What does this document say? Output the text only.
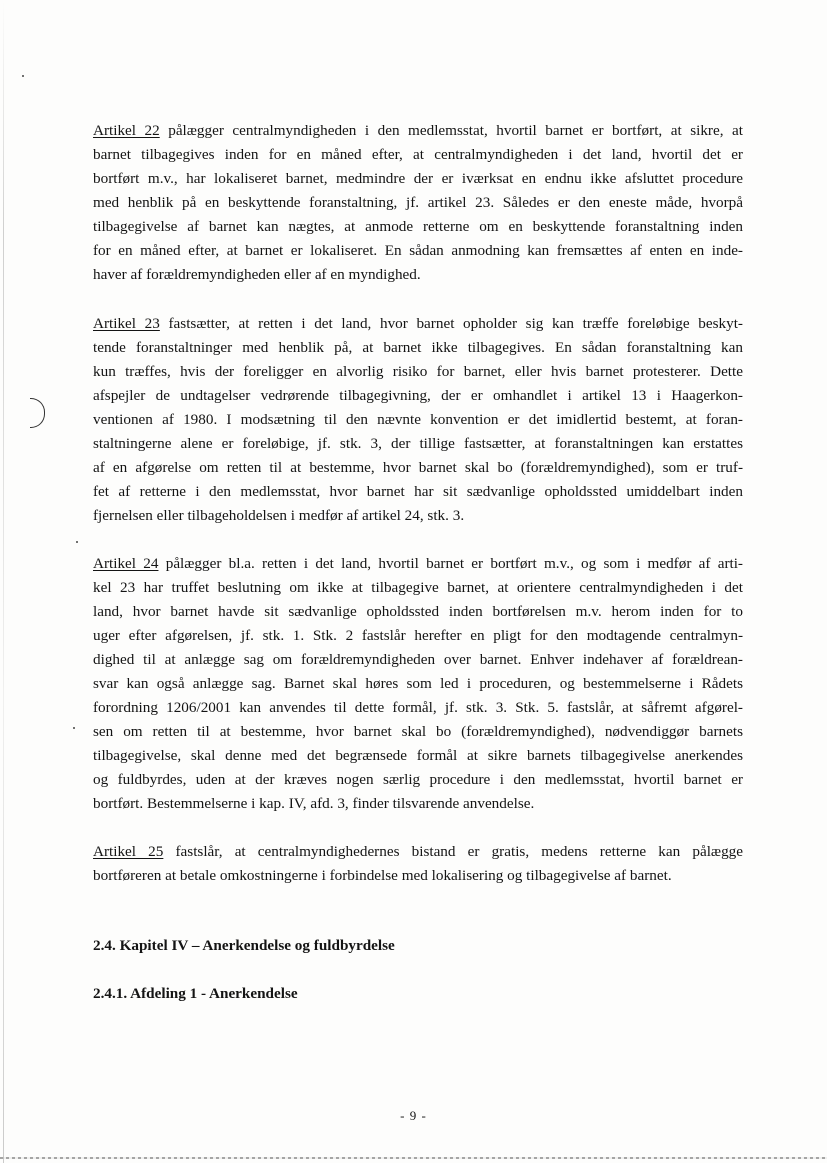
Artikel 22 pålægger centralmyndigheden i den medlemsstat, hvortil barnet er bortført, at sikre, at
barnet tilbagegives inden for en måned efter, at centralmyndigheden i det land, hvortil det er
bortført m.v., har lokaliseret barnet, medmindre der er iværksat en endnu ikke afsluttet procedure
med henblik på en beskyttende foranstaltning, jf. artikel 23. Således er den eneste måde, hvorpå
tilbagegivelse af barnet kan nægtes, at anmode retterne om en beskyttende foranstaltning inden
for en måned efter, at barnet er lokaliseret. En sådan anmodning kan fremsættes af enten en inde-
haver af forældremyndigheden eller af en myndighed.
Artikel 23 fastsætter, at retten i det land, hvor barnet opholder sig kan træffe foreløbige beskyt-
tende foranstaltninger med henblik på, at barnet ikke tilbagegives. En sådan foranstaltning kan
kun træffes, hvis der foreligger en alvorlig risiko for barnet, eller hvis barnet protesterer. Dette
afspejler de undtagelser vedrørende tilbagegivning, der er omhandlet i artikel 13 i Haagerkon-
ventionen af 1980. I modsætning til den nævnte konvention er det imidlertid bestemt, at foran-
staltningerne alene er foreløbige, jf. stk. 3, der tillige fastsætter, at foranstaltningen kan erstattes
af en afgørelse om retten til at bestemme, hvor barnet skal bo (forældremyndighed), som er truf-
fet af retterne i den medlemsstat, hvor barnet har sit sædvanlige opholdssted umiddelbart inden
fjernelsen eller tilbageholdelsen i medfør af artikel 24, stk. 3.
Artikel 24 pålægger bl.a. retten i det land, hvortil barnet er bortført m.v., og som i medfør af arti-
kel 23 har truffet beslutning om ikke at tilbagegive barnet, at orientere centralmyndigheden i det
land, hvor barnet havde sit sædvanlige opholdssted inden bortførelsen m.v. herom inden for to
uger efter afgørelsen, jf. stk. 1. Stk. 2 fastslår herefter en pligt for den modtagende centralmyn-
dighed til at anlægge sag om forældremyndigheden over barnet. Enhver indehaver af forældrean-
svar kan også anlægge sag. Barnet skal høres som led i proceduren, og bestemmelserne i Rådets
forordning 1206/2001 kan anvendes til dette formål, jf. stk. 3. Stk. 5. fastslår, at såfremt afgørel-
sen om retten til at bestemme, hvor barnet skal bo (forældremyndighed), nødvendiggør barnets
tilbagegivelse, skal denne med det begrænsede formål at sikre barnets tilbagegivelse anerkendes
og fuldbyrdes, uden at der kræves nogen særlig procedure i den medlemsstat, hvortil barnet er
bortført. Bestemmelserne i kap. IV, afd. 3, finder tilsvarende anvendelse.
Artikel 25 fastslår, at centralmyndighedernes bistand er gratis, medens retterne kan pålægge
bortføreren at betale omkostningerne i forbindelse med lokalisering og tilbagegivelse af barnet.
2.4. Kapitel IV – Anerkendelse og fuldbyrdelse
2.4.1. Afdeling 1 - Anerkendelse
- 9 -
